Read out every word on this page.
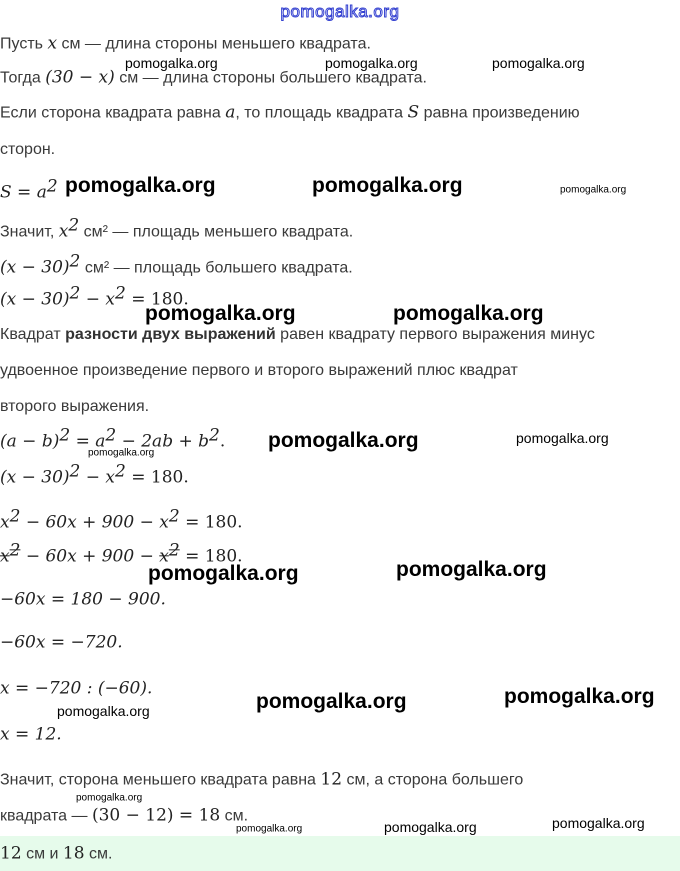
pomogalka.org
Пусть x см — длина стороны меньшего квадрата.
Тогда (30 − x) см — длина стороны большего квадрата.
Если сторона квадрата равна a, то площадь квадрата S равна произведению
сторон.
$S = a^2$
Значит, $x^2$ см² — площадь меньшего квадрата.
$(x - 30)^2$ см² — площадь большего квадрата.
$(x - 30)^2 - x^2 = 180$.
Квадрат разности двух выражений равен квадрату первого выражения минус
удвоенное произведение первого и второго выражений плюс квадрат
второго выражения.
$(a - b)^2 = a^2 - 2ab + b^2$.
$(x - 30)^2 - x^2 = 180$.
$x^2 - 60x + 900 - x^2 = 180$.
$x^2 - 60x + 900 - x^2 = 180$.
−60x = 180 − 900.
−60x = −720.
x = −720 : (−60).
x = 12.
Значит, сторона меньшего квадрата равна 12 см, а сторона большего
квадрата — (30 − 12) = 18 см.
12 см и 18 см.
pomogalka.org	pomogalka.org	pomogalka.org
pomogalka.org	pomogalka.org	pomogalka.org
pomogalka.org	pomogalka.org
pomogalka.org	pomogalka.org
pomogalka.org
pomogalka.org	pomogalka.org
pomogalka.org	pomogalka.org
pomogalka.org
pomogalka.org
pomogalka.org	pomogalka.org	pomogalka.org
